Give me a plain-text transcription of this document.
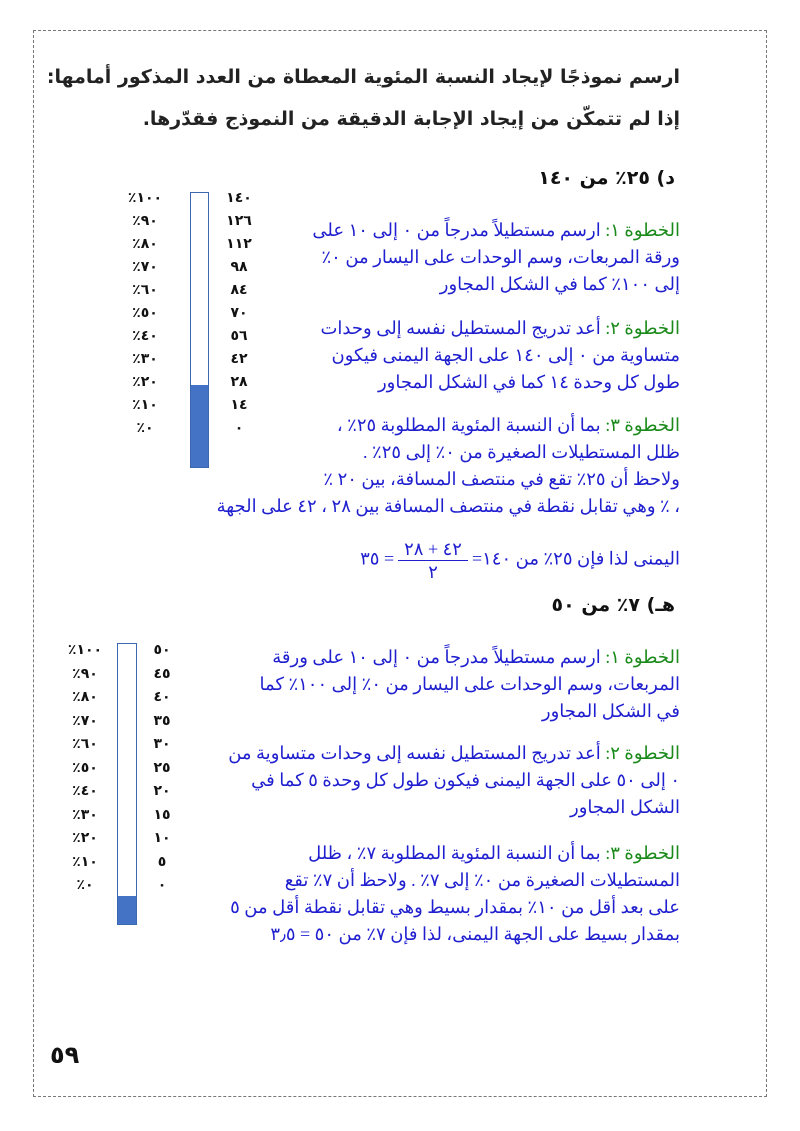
ارسم نموذجًا لإيجاد النسبة المئوية المعطاة من العدد المذكور أمامها:
إذا لم تتمكّن من إيجاد الإجابة الدقيقة من النموذج فقدّرها.
د) ٢٥٪ من ١٤٠
٪١٠٠
٪٩٠
٪٨٠
٪٧٠
٪٦٠
٪٥٠
٪٤٠
٪٣٠
٪٢٠
٪١٠
٪٠
١٤٠
١٢٦
١١٢
٩٨
٨٤
٧٠
٥٦
٤٢
٢٨
١٤
٠
الخطوة ١: ارسم مستطيلاً مدرجاً من ٠ إلى ١٠ على
ورقة المربعات، وسم الوحدات على اليسار من ٠٪
إلى ١٠٠٪ كما في الشكل المجاور
الخطوة ٢: أعد تدريج المستطيل نفسه إلى وحدات
متساوية من ٠ إلى ١٤٠ على الجهة اليمنى فيكون
طول كل وحدة ١٤ كما في الشكل المجاور
الخطوة ٣: بما أن النسبة المئوية المطلوبة ٢٥٪ ،
ظلل المستطيلات الصغيرة من ٠٪ إلى ٢٥٪ .
ولاحظ أن ٢٥٪ تقع في منتصف المسافة، بين ٢٠ ٪
، ٪ وهي تقابل نقطة في منتصف المسافة بين ٢٨ ، ٤٢ على الجهة
اليمنى لذا فإن ٢٥٪ من ١٤٠=
$\frac{٤٢ + ٢٨}{٢}$
= ٣٥
هـ) ٧٪ من ٥٠
٪١٠٠
٪٩٠
٪٨٠
٪٧٠
٪٦٠
٪٥٠
٪٤٠
٪٣٠
٪٢٠
٪١٠
٪٠
٥٠
٤٥
٤٠
٣٥
٣٠
٢٥
٢٠
١٥
١٠
٥
٠
الخطوة ١: ارسم مستطيلاً مدرجاً من ٠ إلى ١٠ على ورقة
المربعات، وسم الوحدات على اليسار من ٠٪ إلى ١٠٠٪ كما
في الشكل المجاور
الخطوة ٢: أعد تدريج المستطيل نفسه إلى وحدات متساوية من
٠ إلى ٥٠ على الجهة اليمنى فيكون طول كل وحدة ٥ كما في
الشكل المجاور
الخطوة ٣: بما أن النسبة المئوية المطلوبة ٧٪ ، ظلل
المستطيلات الصغيرة من ٠٪ إلى ٧٪ . ولاحظ أن ٧٪ تقع
على بعد أقل من ١٠٪ بمقدار بسيط وهي تقابل نقطة أقل من ٥
بمقدار بسيط على الجهة اليمنى، لذا فإن ٧٪ من ٥٠ = ٣٫٥
٥٩
